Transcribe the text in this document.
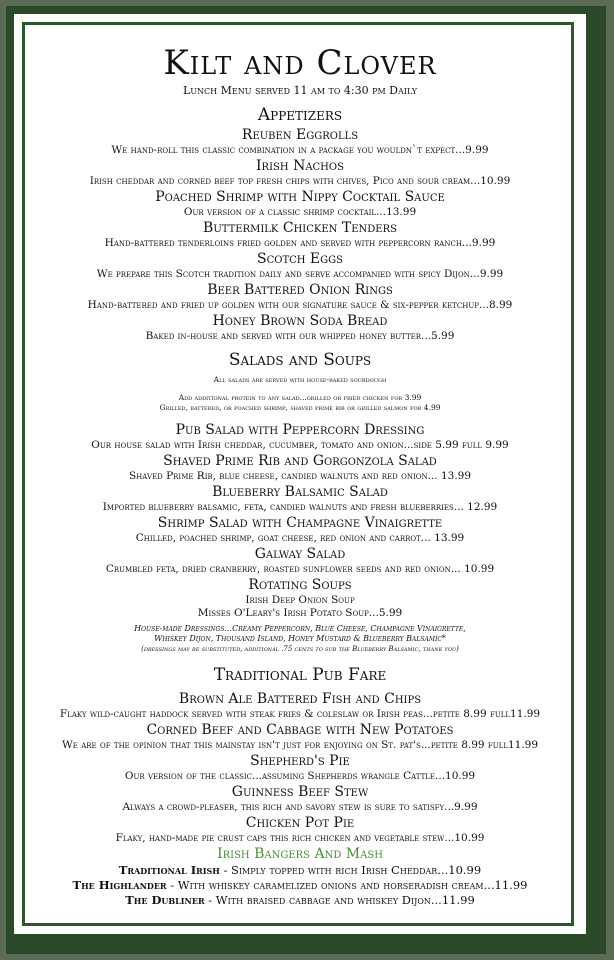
Kilt and Clover
Lunch Menu served 11 am to 4:30 pm Daily
Appetizers
Reuben Eggrolls
We hand-roll this classic combination in a package you wouldn`t expect...9.99
Irish Nachos
Irish cheddar and corned beef top fresh chips with chives, Pico and sour cream...10.99
Poached Shrimp with Nippy Cocktail Sauce
Our version of a classic shrimp cocktail...13.99
Buttermilk Chicken Tenders
Hand-battered tenderloins fried golden and served with peppercorn ranch...9.99
Scotch Eggs
We prepare this Scotch tradition daily and serve accompanied with spicy Dijon...9.99
Beer Battered Onion Rings
Hand-battered and fried up golden with our signature sauce & six-pepper ketchup...8.99
Honey Brown Soda Bread
Baked in-house and served with our whipped honey butter...5.99
Salads and Soups
All salads are served with house-baked sourdough
Add additional protein to any salad...grilled or fried chicken for 3.99
Grilled, battered, or poached shrimp, shaved prime rib or grilled salmon for 4.99
Pub Salad with Peppercorn Dressing
Our house salad with Irish cheddar, cucumber, tomato and onion...side 5.99 full 9.99
Shaved Prime Rib and Gorgonzola Salad
Shaved Prime Rib, blue cheese, candied walnuts and red onion... 13.99
Blueberry Balsamic Salad
Imported blueberry balsamic, feta, candied walnuts and fresh blueberries... 12.99
Shrimp Salad with Champagne Vinaigrette
Chilled, poached shrimp, goat cheese, red onion and carrot... 13.99
Galway Salad
Crumbled feta, dried cranberry, roasted sunflower seeds and red onion... 10.99
Rotating Soups
Irish Deep Onion Soup
Misses O'Leary's Irish Potato Soup...5.99
House-made Dressings...Creamy Peppercorn, Blue Cheese, Champagne Vinaigrette,
Whiskey Dijon, Thousand Island, Honey Mustard & Blueberry Balsamic*
(dressings may be substituted, additional .75 cents to sub the Blueberry Balsamic, thank you)
Traditional Pub Fare
Brown Ale Battered Fish and Chips
Flaky wild-caught haddock served with steak fries & coleslaw or Irish peas...petite 8.99 full11.99
Corned Beef and Cabbage with New Potatoes
We are of the opinion that this mainstay isn't just for enjoying on St. pat's...petite 8.99 full11.99
Shepherd's Pie
Our version of the classic...assuming Shepherds wrangle Cattle...10.99
Guinness Beef Stew
Always a crowd-pleaser, this rich and savory stew is sure to satisfy...9.99
Chicken Pot Pie
Flaky, hand-made pie crust caps this rich chicken and vegetable stew...10.99
Irish Bangers And Mash
Traditional Irish - Simply topped with rich Irish Cheddar...10.99
The Highlander - With whiskey caramelized onions and horseradish cream...11.99
The Dubliner - With braised cabbage and whiskey Dijon...11.99
